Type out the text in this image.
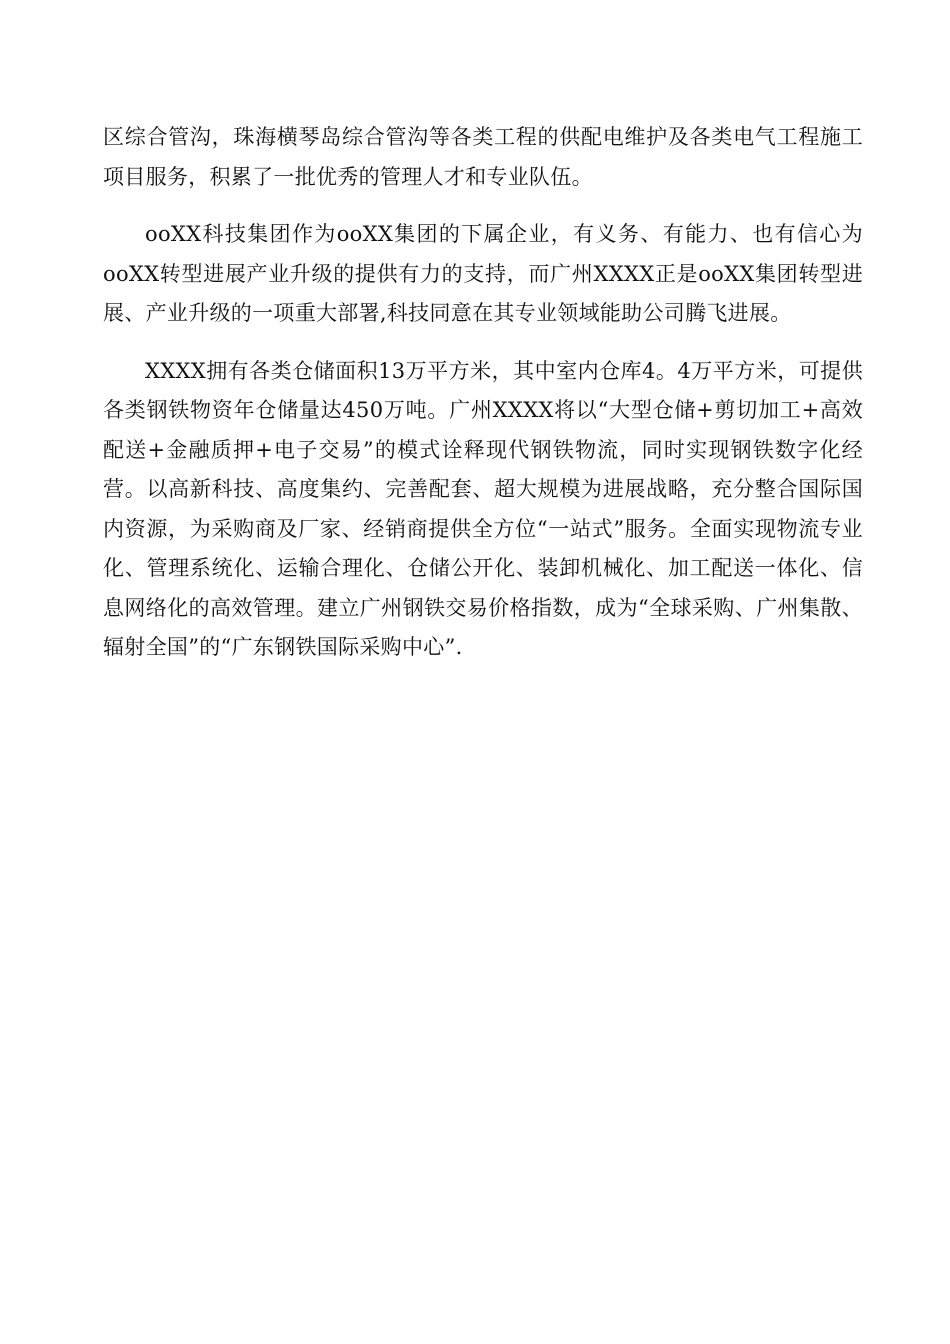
区综合管沟，珠海横琴岛综合管沟等各类工程的供配电维护及各类电气工程施工项目服务，积累了一批优秀的管理人才和专业队伍。

ooXX科技集团作为ooXX集团的下属企业，有义务、有能力、也有信心为ooXX转型进展产业升级的提供有力的支持，而广州XXXX正是ooXX集团转型进展、产业升级的一项重大部署,科技同意在其专业领域能助公司腾飞进展。

XXXX拥有各类仓储面积13万平方米，其中室内仓库4。4万平方米，可提供各类钢铁物资年仓储量达450万吨。广州XXXX将以“大型仓储+剪切加工+高效配送+金融质押+电子交易”的模式诠释现代钢铁物流，同时实现钢铁数字化经营。以高新科技、高度集约、完善配套、超大规模为进展战略，充分整合国际国内资源，为采购商及厂家、经销商提供全方位“一站式”服务。全面实现物流专业化、管理系统化、运输合理化、仓储公开化、装卸机械化、加工配送一体化、信息网络化的高效管理。建立广州钢铁交易价格指数，成为“全球采购、广州集散、辐射全国”的“广东钢铁国际采购中心”.
